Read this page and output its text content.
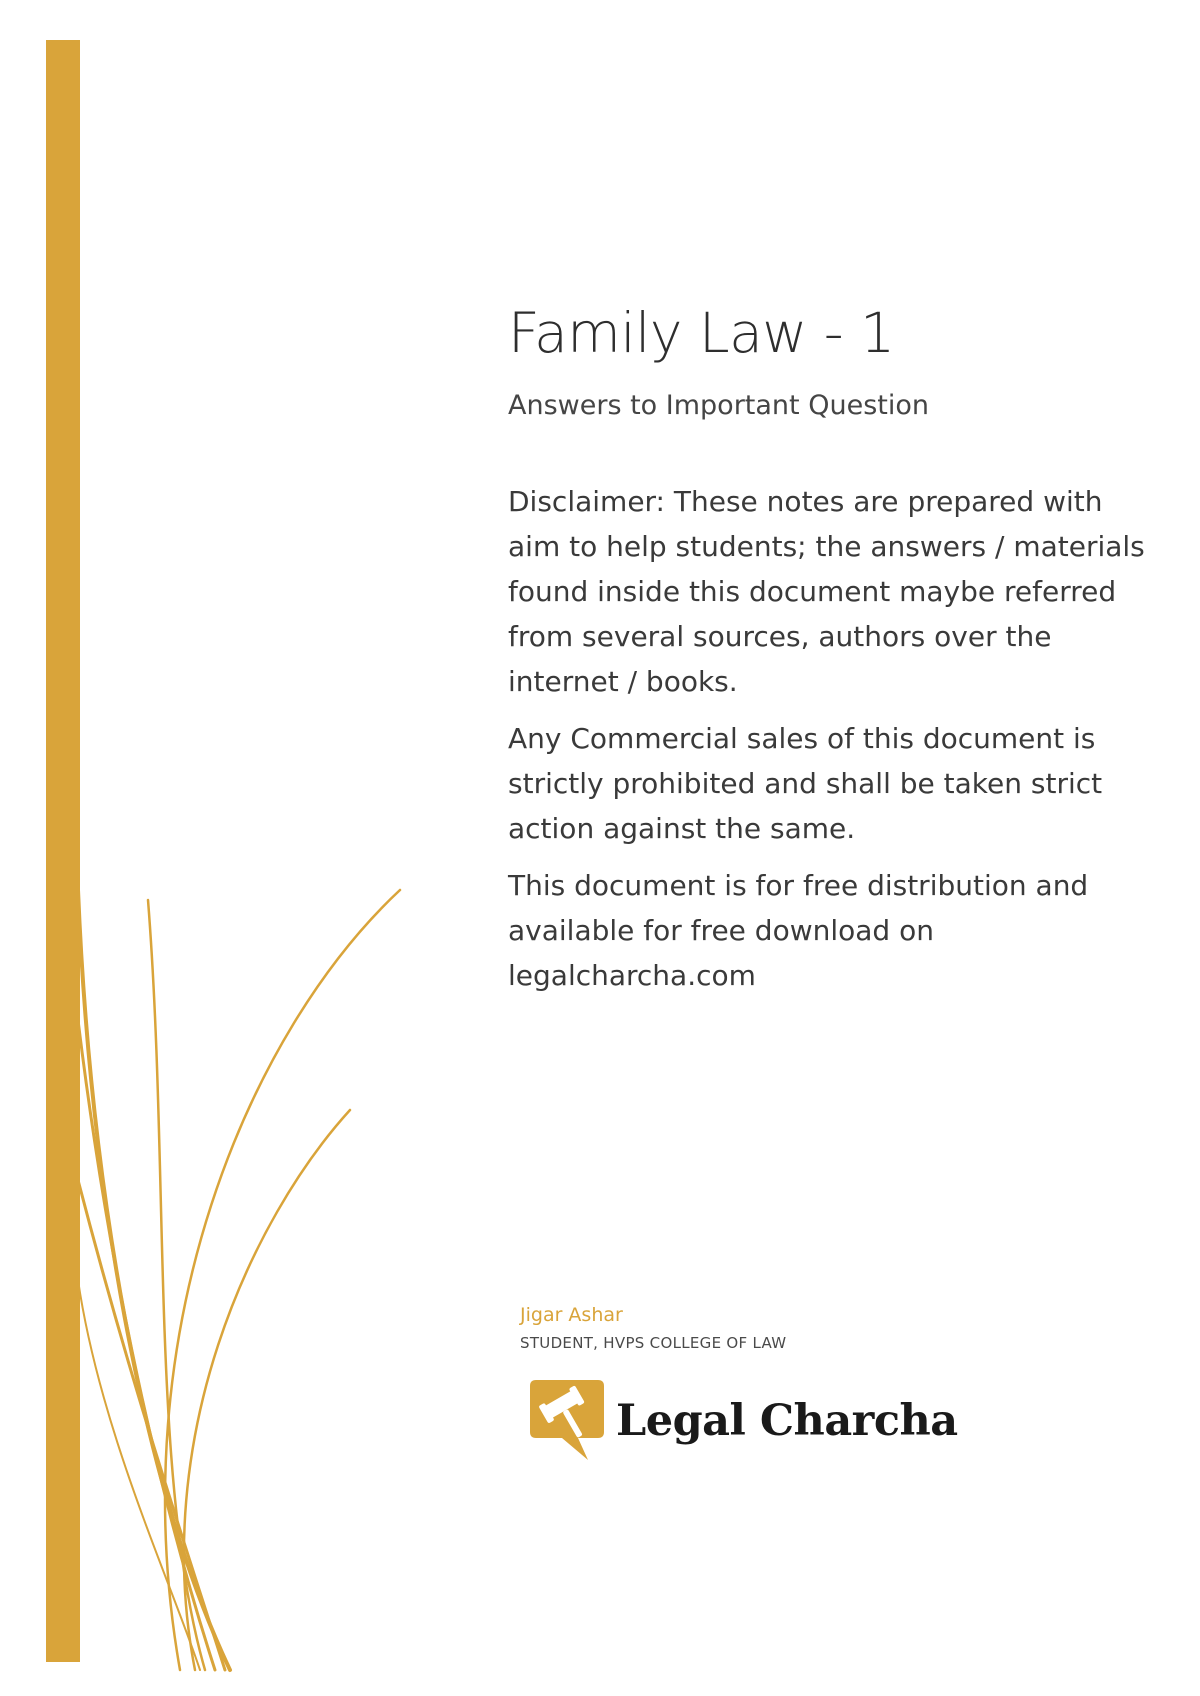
Family Law - 1

Answers to Important Question

Disclaimer: These notes are prepared with aim to help students; the answers / materials found inside this document maybe referred from several sources, authors over the internet / books.

Any Commercial sales of this document is strictly prohibited and shall be taken strict action against the same.

This document is for free distribution and available for free download on legalcharcha.com

Jigar Ashar

STUDENT, HVPS COLLEGE OF LAW

Legal Charcha
